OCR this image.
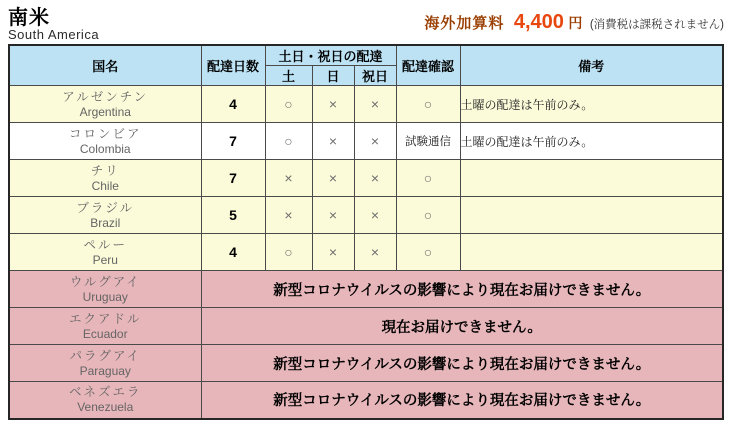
南米
South America
海外加算料 4,400 円 (消費税は課税されません)
国名	配達日数	土日・祝日の配達			配達確認	備考
		土	日	祝日		

アルゼンチン
Argentina	4	○	×	×	○	土曜の配達は午前のみ。

コロンビア
Colombia	7	○	×	×	試験通信	土曜の配達は午前のみ。

チリ
Chile	7	×	×	×	○	

ブラジル
Brazil	5	×	×	×	○	

ペルー
Peru	4	○	×	×	○	

ウルグアイ
Uruguay	新型コロナウイルスの影響により現在お届けできません。					

エクアドル
Ecuador	現在お届けできません。					

パラグアイ
Paraguay	新型コロナウイルスの影響により現在お届けできません。					

ベネズエラ
Venezuela	新型コロナウイルスの影響により現在お届けできません。					
